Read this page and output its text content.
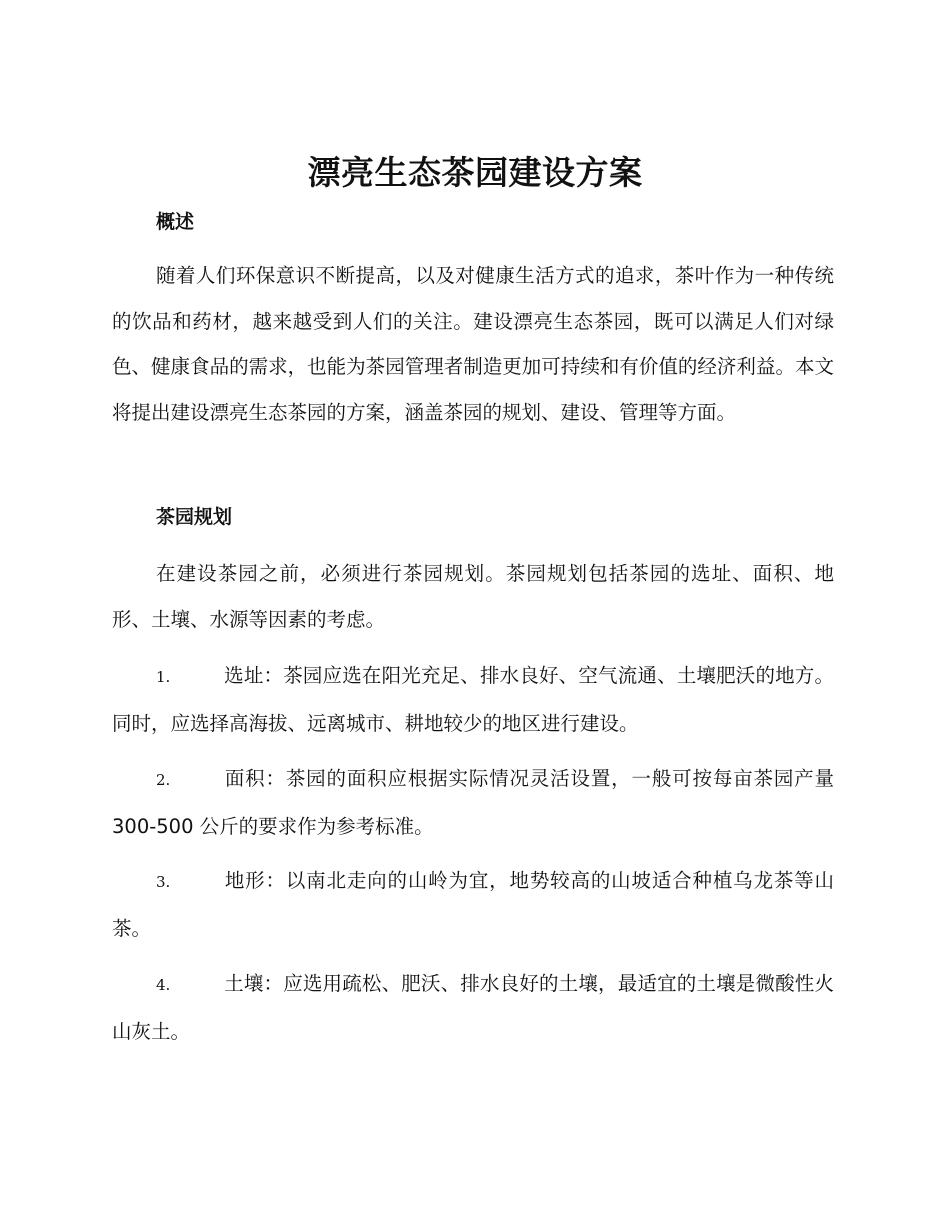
漂亮生态茶园建设方案
概述

随着人们环保意识不断提高，以及对健康生活方式的追求，茶叶作为一种传统的饮品和药材，越来越受到人们的关注。建设漂亮生态茶园，既可以满足人们对绿色、健康食品的需求，也能为茶园管理者制造更加可持续和有价值的经济利益。本文将提出建设漂亮生态茶园的方案，涵盖茶园的规划、建设、管理等方面。

茶园规划

在建设茶园之前，必须进行茶园规划。茶园规划包括茶园的选址、面积、地形、土壤、水源等因素的考虑。

1.	选址：茶园应选在阳光充足、排水良好、空气流通、土壤肥沃的地方。同时，应选择高海拔、远离城市、耕地较少的地区进行建设。

2.	面积：茶园的面积应根据实际情况灵活设置，一般可按每亩茶园产量 300-500 公斤的要求作为参考标准。

3.	地形：以南北走向的山岭为宜，地势较高的山坡适合种植乌龙茶等山茶。

4.	土壤：应选用疏松、肥沃、排水良好的土壤，最适宜的土壤是微酸性火山灰土。
